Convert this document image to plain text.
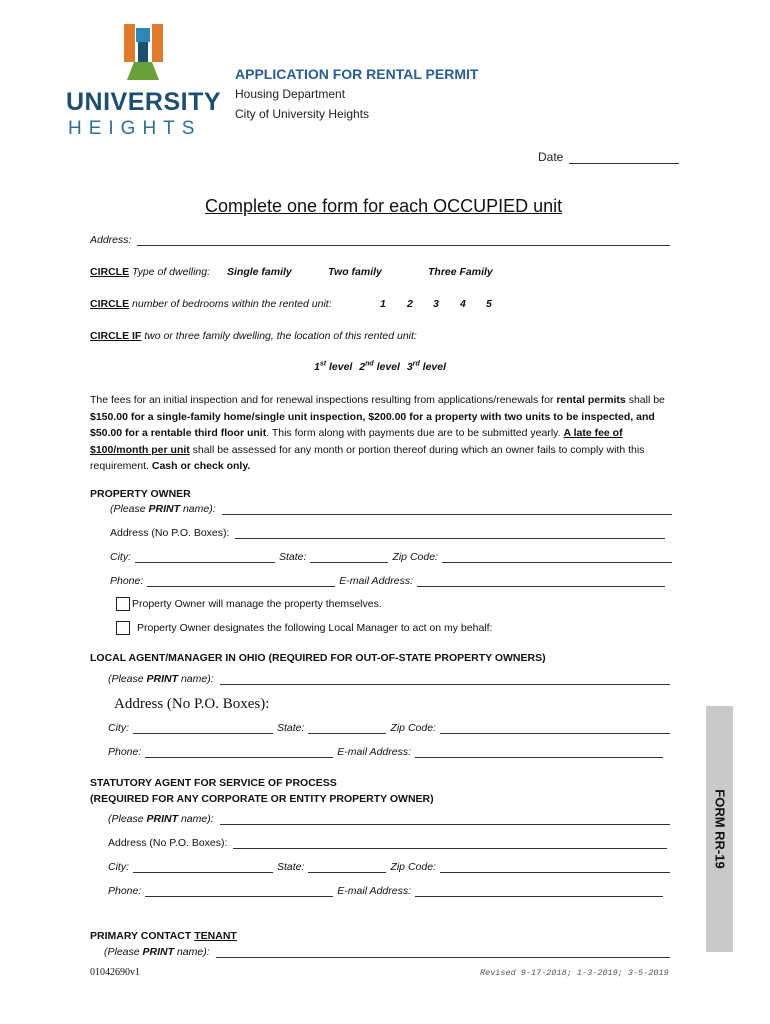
UNIVERSITY
HEIGHTS
APPLICATION FOR RENTAL PERMIT
Housing Department
City of University Heights
Date
Complete one form for each OCCUPIED unit
Address:
CIRCLE Type of dwelling: Single family	Two family	Three Family
CIRCLE number of bedrooms within the rented unit:	1 2 3 4 5
CIRCLE IF two or three family dwelling, the location of this rented unit:
1st level 2nd level 3rd level
The fees for an initial inspection and for renewal inspections resulting from applications/renewals for rental permits shall be $150.00 for a single-family home/single unit inspection, $200.00 for a property with two units to be inspected, and $50.00 for a rentable third floor unit. This form along with payments due are to be submitted yearly. A late fee of $100/month per unit shall be assessed for any month or portion thereof during which an owner fails to comply with this requirement. Cash or check only.
PROPERTY OWNER
(Please PRINT name):
Address (No P.O. Boxes):
City:	State:	Zip Code:
Phone:	E-mail Address:
Property Owner will manage the property themselves.
Property Owner designates the following Local Manager to act on my behalf:
LOCAL AGENT/MANAGER IN OHIO (REQUIRED FOR OUT-OF-STATE PROPERTY OWNERS)
(Please PRINT name):
Address (No P.O. Boxes):
City:	State:	Zip Code:
Phone:	E-mail Address:
STATUTORY AGENT FOR SERVICE OF PROCESS
(REQUIRED FOR ANY CORPORATE OR ENTITY PROPERTY OWNER)
(Please PRINT name):
Address (No P.O. Boxes):
City:	State:	Zip Code:
Phone:	E-mail Address:
PRIMARY CONTACT TENANT
(Please PRINT name):
01042690v1	Revised 9-17-2018; 1-3-2019; 3-5-2019
FORM RR-19
